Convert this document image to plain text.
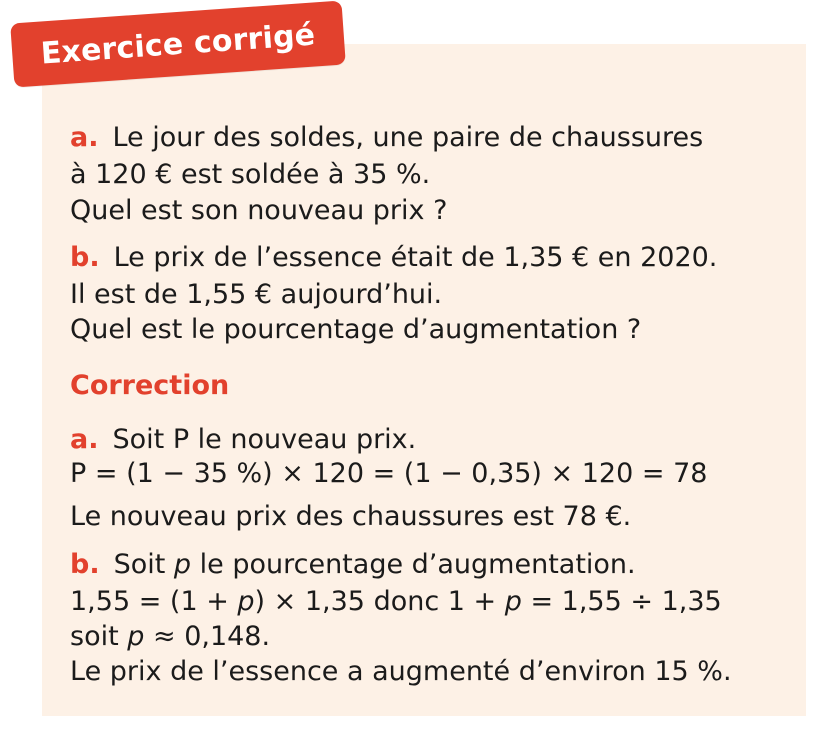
Exercice corrigé
a. Le jour des soldes, une paire de chaussures
à 120 € est soldée à 35 %.
Quel est son nouveau prix ?
b. Le prix de l’essence était de 1,35 € en 2020.
Il est de 1,55 € aujourd’hui.
Quel est le pourcentage d’augmentation ?
Correction
a. Soit P le nouveau prix.
P = (1 − 35 %) × 120 = (1 − 0,35) × 120 = 78
Le nouveau prix des chaussures est 78 €.
b. Soit p le pourcentage d’augmentation.
1,55 = (1 + p) × 1,35 donc 1 + p = 1,55 ÷ 1,35
soit p ≈ 0,148.
Le prix de l’essence a augmenté d’environ 15 %.
